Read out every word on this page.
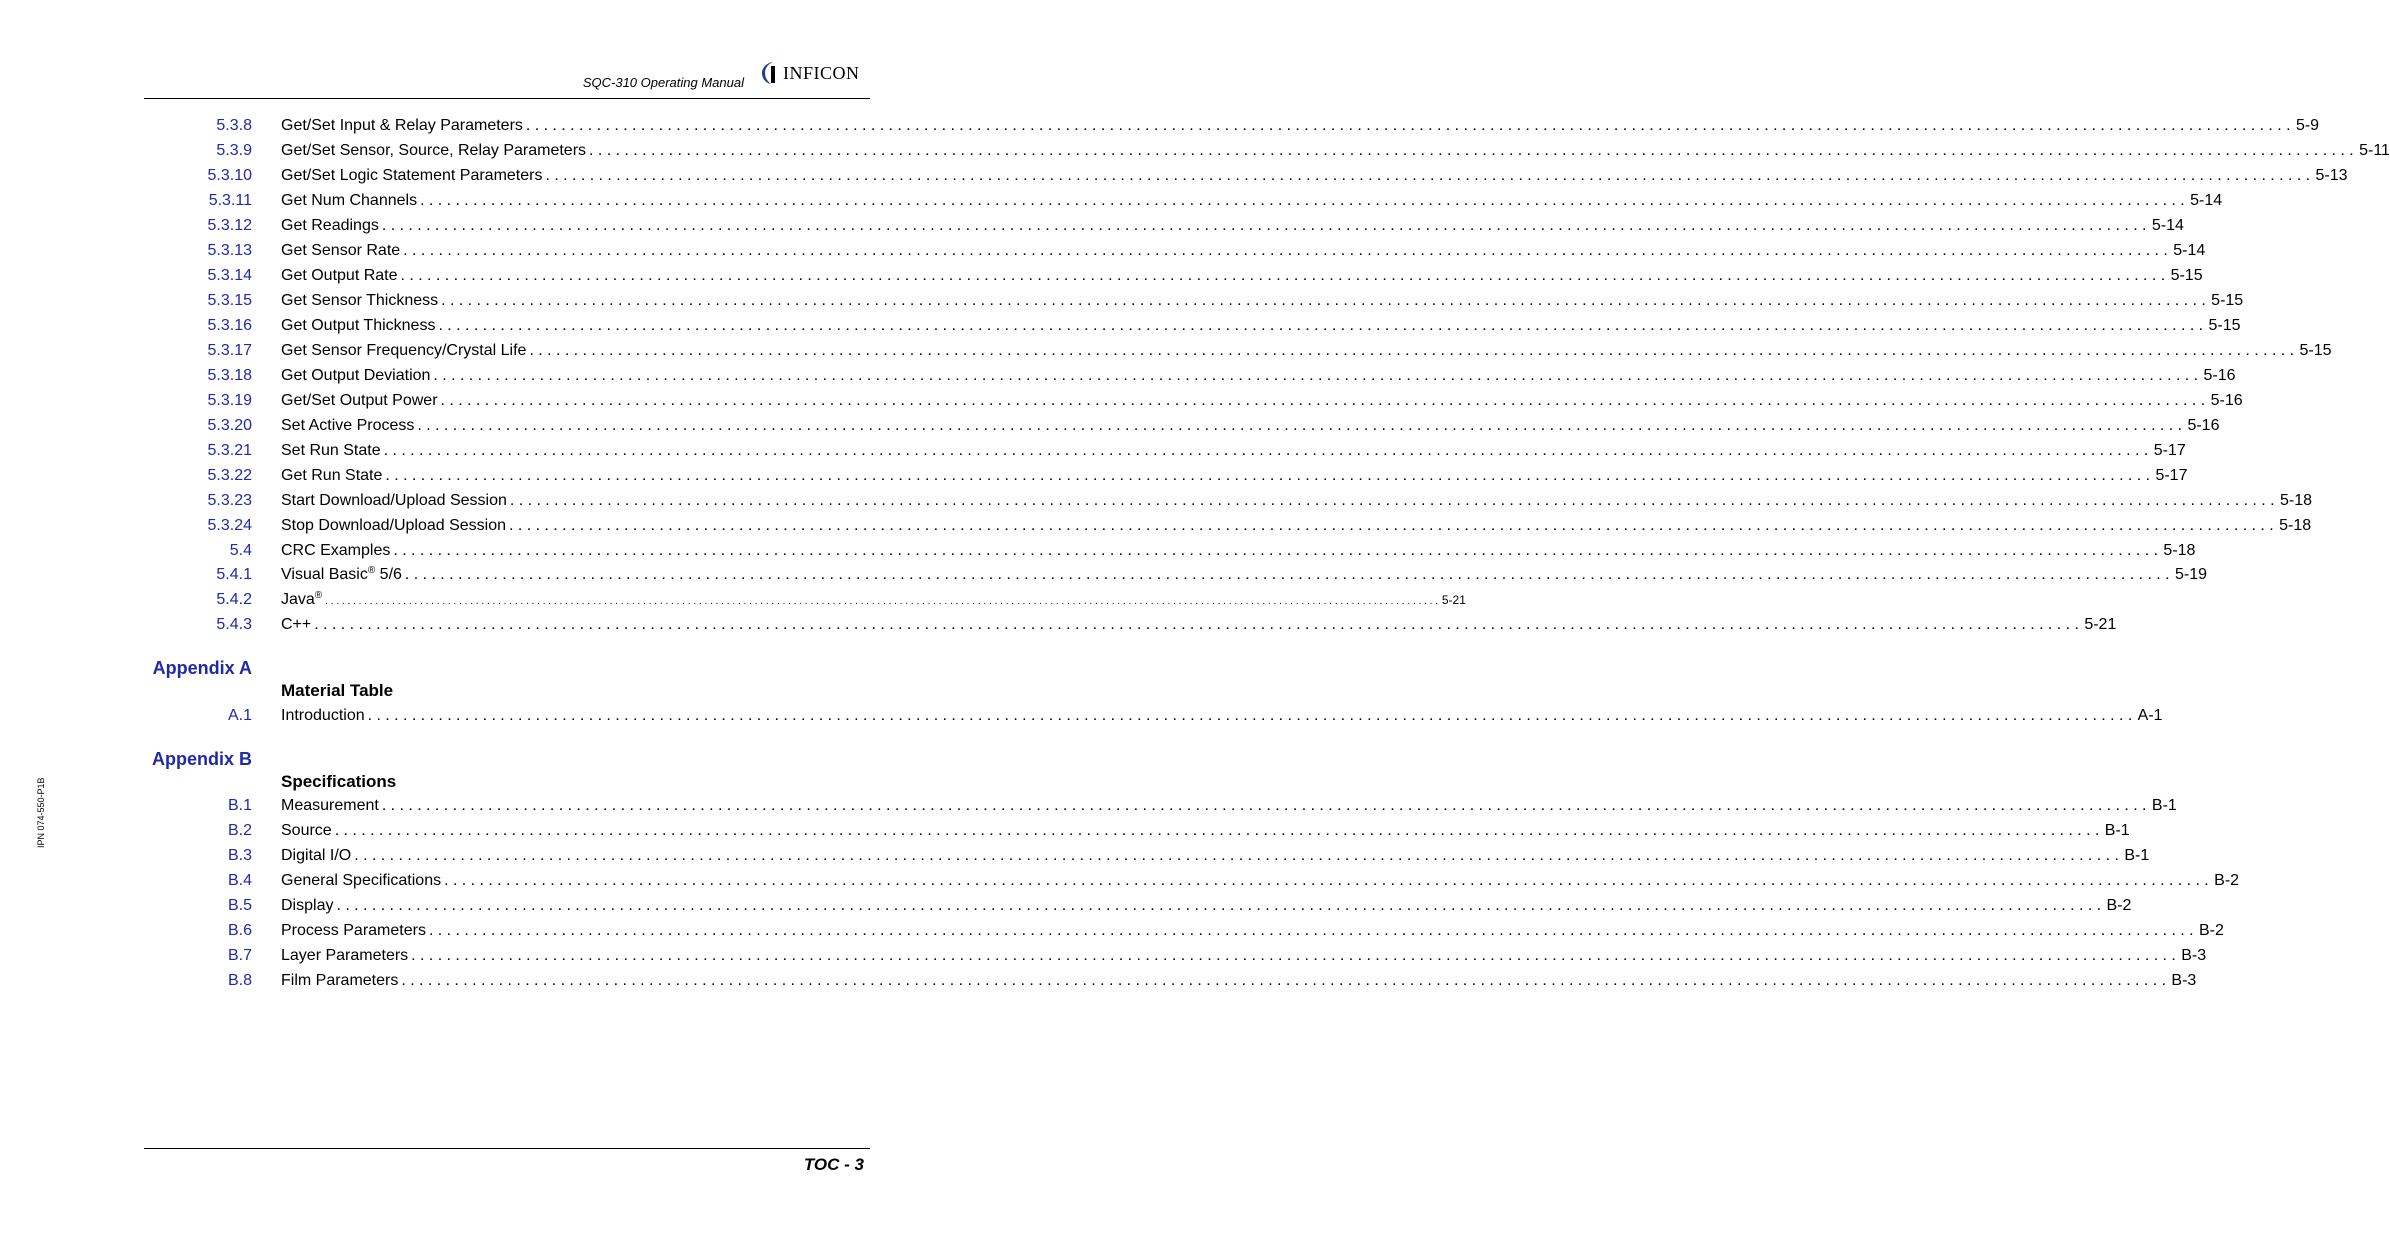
SQC-310 Operating Manual INFICON
IPN 074-550-P1B
5.3.8 Get/Set Input & Relay Parameters ........................................................................................................................................................................................................ 5-9
5.3.9 Get/Set Sensor, Source, Relay Parameters ........................................................................................................................................................................................................ 5-11
5.3.10 Get/Set Logic Statement Parameters ........................................................................................................................................................................................................ 5-13
5.3.11 Get Num Channels ........................................................................................................................................................................................................ 5-14
5.3.12 Get Readings ........................................................................................................................................................................................................ 5-14
5.3.13 Get Sensor Rate ........................................................................................................................................................................................................ 5-14
5.3.14 Get Output Rate ........................................................................................................................................................................................................ 5-15
5.3.15 Get Sensor Thickness ........................................................................................................................................................................................................ 5-15
5.3.16 Get Output Thickness ........................................................................................................................................................................................................ 5-15
5.3.17 Get Sensor Frequency/Crystal Life ........................................................................................................................................................................................................ 5-15
5.3.18 Get Output Deviation ........................................................................................................................................................................................................ 5-16
5.3.19 Get/Set Output Power ........................................................................................................................................................................................................ 5-16
5.3.20 Set Active Process ........................................................................................................................................................................................................ 5-16
5.3.21 Set Run State ........................................................................................................................................................................................................ 5-17
5.3.22 Get Run State ........................................................................................................................................................................................................ 5-17
5.3.23 Start Download/Upload Session ........................................................................................................................................................................................................ 5-18
5.3.24 Stop Download/Upload Session ........................................................................................................................................................................................................ 5-18
5.4 CRC Examples ........................................................................................................................................................................................................ 5-18
5.4.1 Visual Basic® 5/6 ........................................................................................................................................................................................................ 5-19
5.4.2 Java®
........................................................................................................................................................................................................ 5-21
5.4.3 C++ ........................................................................................................................................................................................................ 5-21
Appendix A
Material Table
A.1 Introduction ........................................................................................................................................................................................................ A-1
Appendix B
Specifications
B.1 Measurement ........................................................................................................................................................................................................ B-1
B.2 Source ........................................................................................................................................................................................................ B-1
B.3 Digital I/O ........................................................................................................................................................................................................ B-1
B.4 General Specifications ........................................................................................................................................................................................................ B-2
B.5 Display ........................................................................................................................................................................................................ B-2
B.6 Process Parameters ........................................................................................................................................................................................................ B-2
B.7 Layer Parameters ........................................................................................................................................................................................................ B-3
B.8 Film Parameters ........................................................................................................................................................................................................ B-3
TOC - 3
